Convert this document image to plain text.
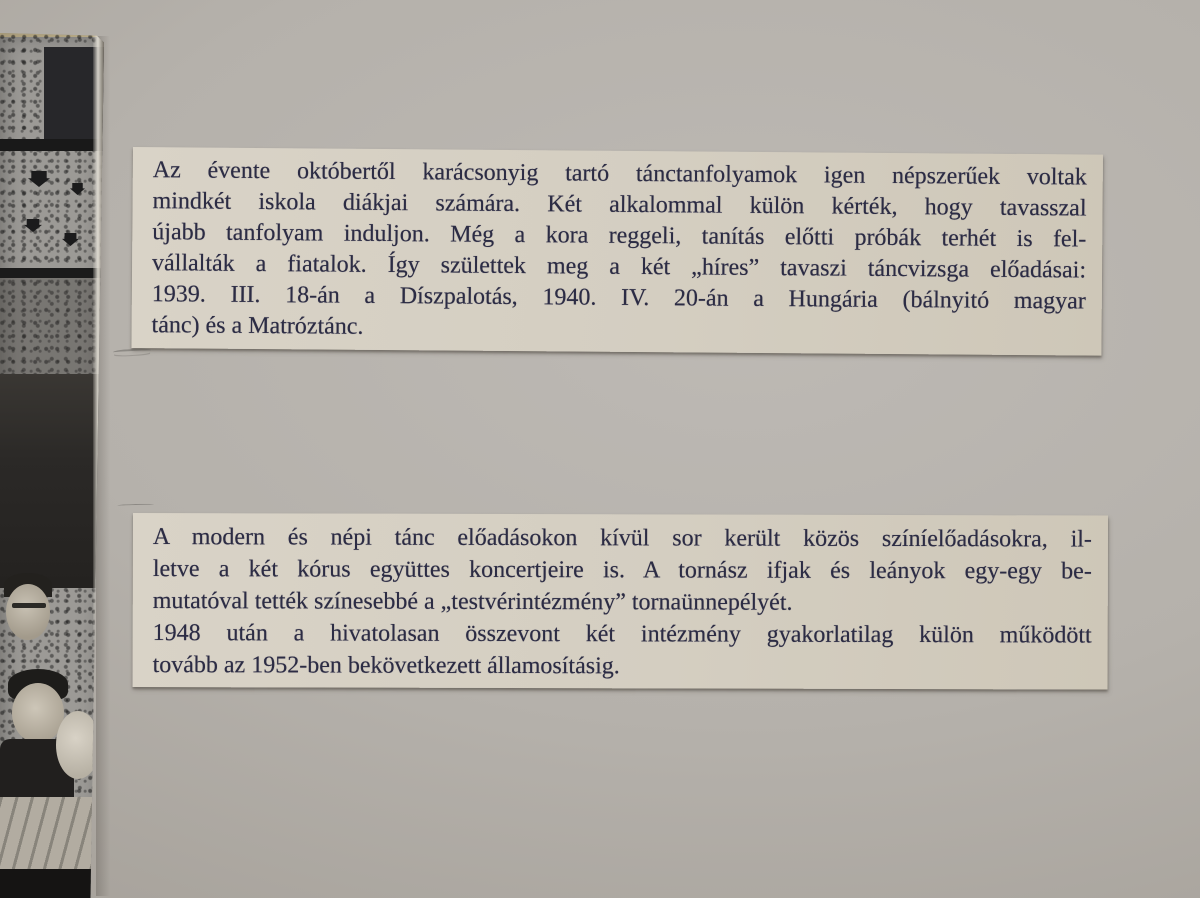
Az évente októbertől karácsonyig tartó tánctanfolyamok igen népszerűek voltak
mindkét iskola diákjai számára. Két alkalommal külön kérték, hogy tavasszal
újabb tanfolyam induljon. Még a kora reggeli, tanítás előtti próbák terhét is fel-
vállalták a fiatalok. Így születtek meg a két „híres” tavaszi táncvizsga előadásai:
1939. III. 18-án a Díszpalotás, 1940. IV. 20-án a Hungária (bálnyitó magyar
tánc) és a Matróztánc.
A modern és népi tánc előadásokon kívül sor került közös színíelőadásokra, il-
letve a két kórus együttes koncertjeire is. A tornász ifjak és leányok egy-egy be-
mutatóval tették színesebbé a „testvérintézmény” tornaünnepélyét.
1948 után a hivatolasan összevont két intézmény gyakorlatilag külön működött
tovább az 1952-ben bekövetkezett államosításig.
